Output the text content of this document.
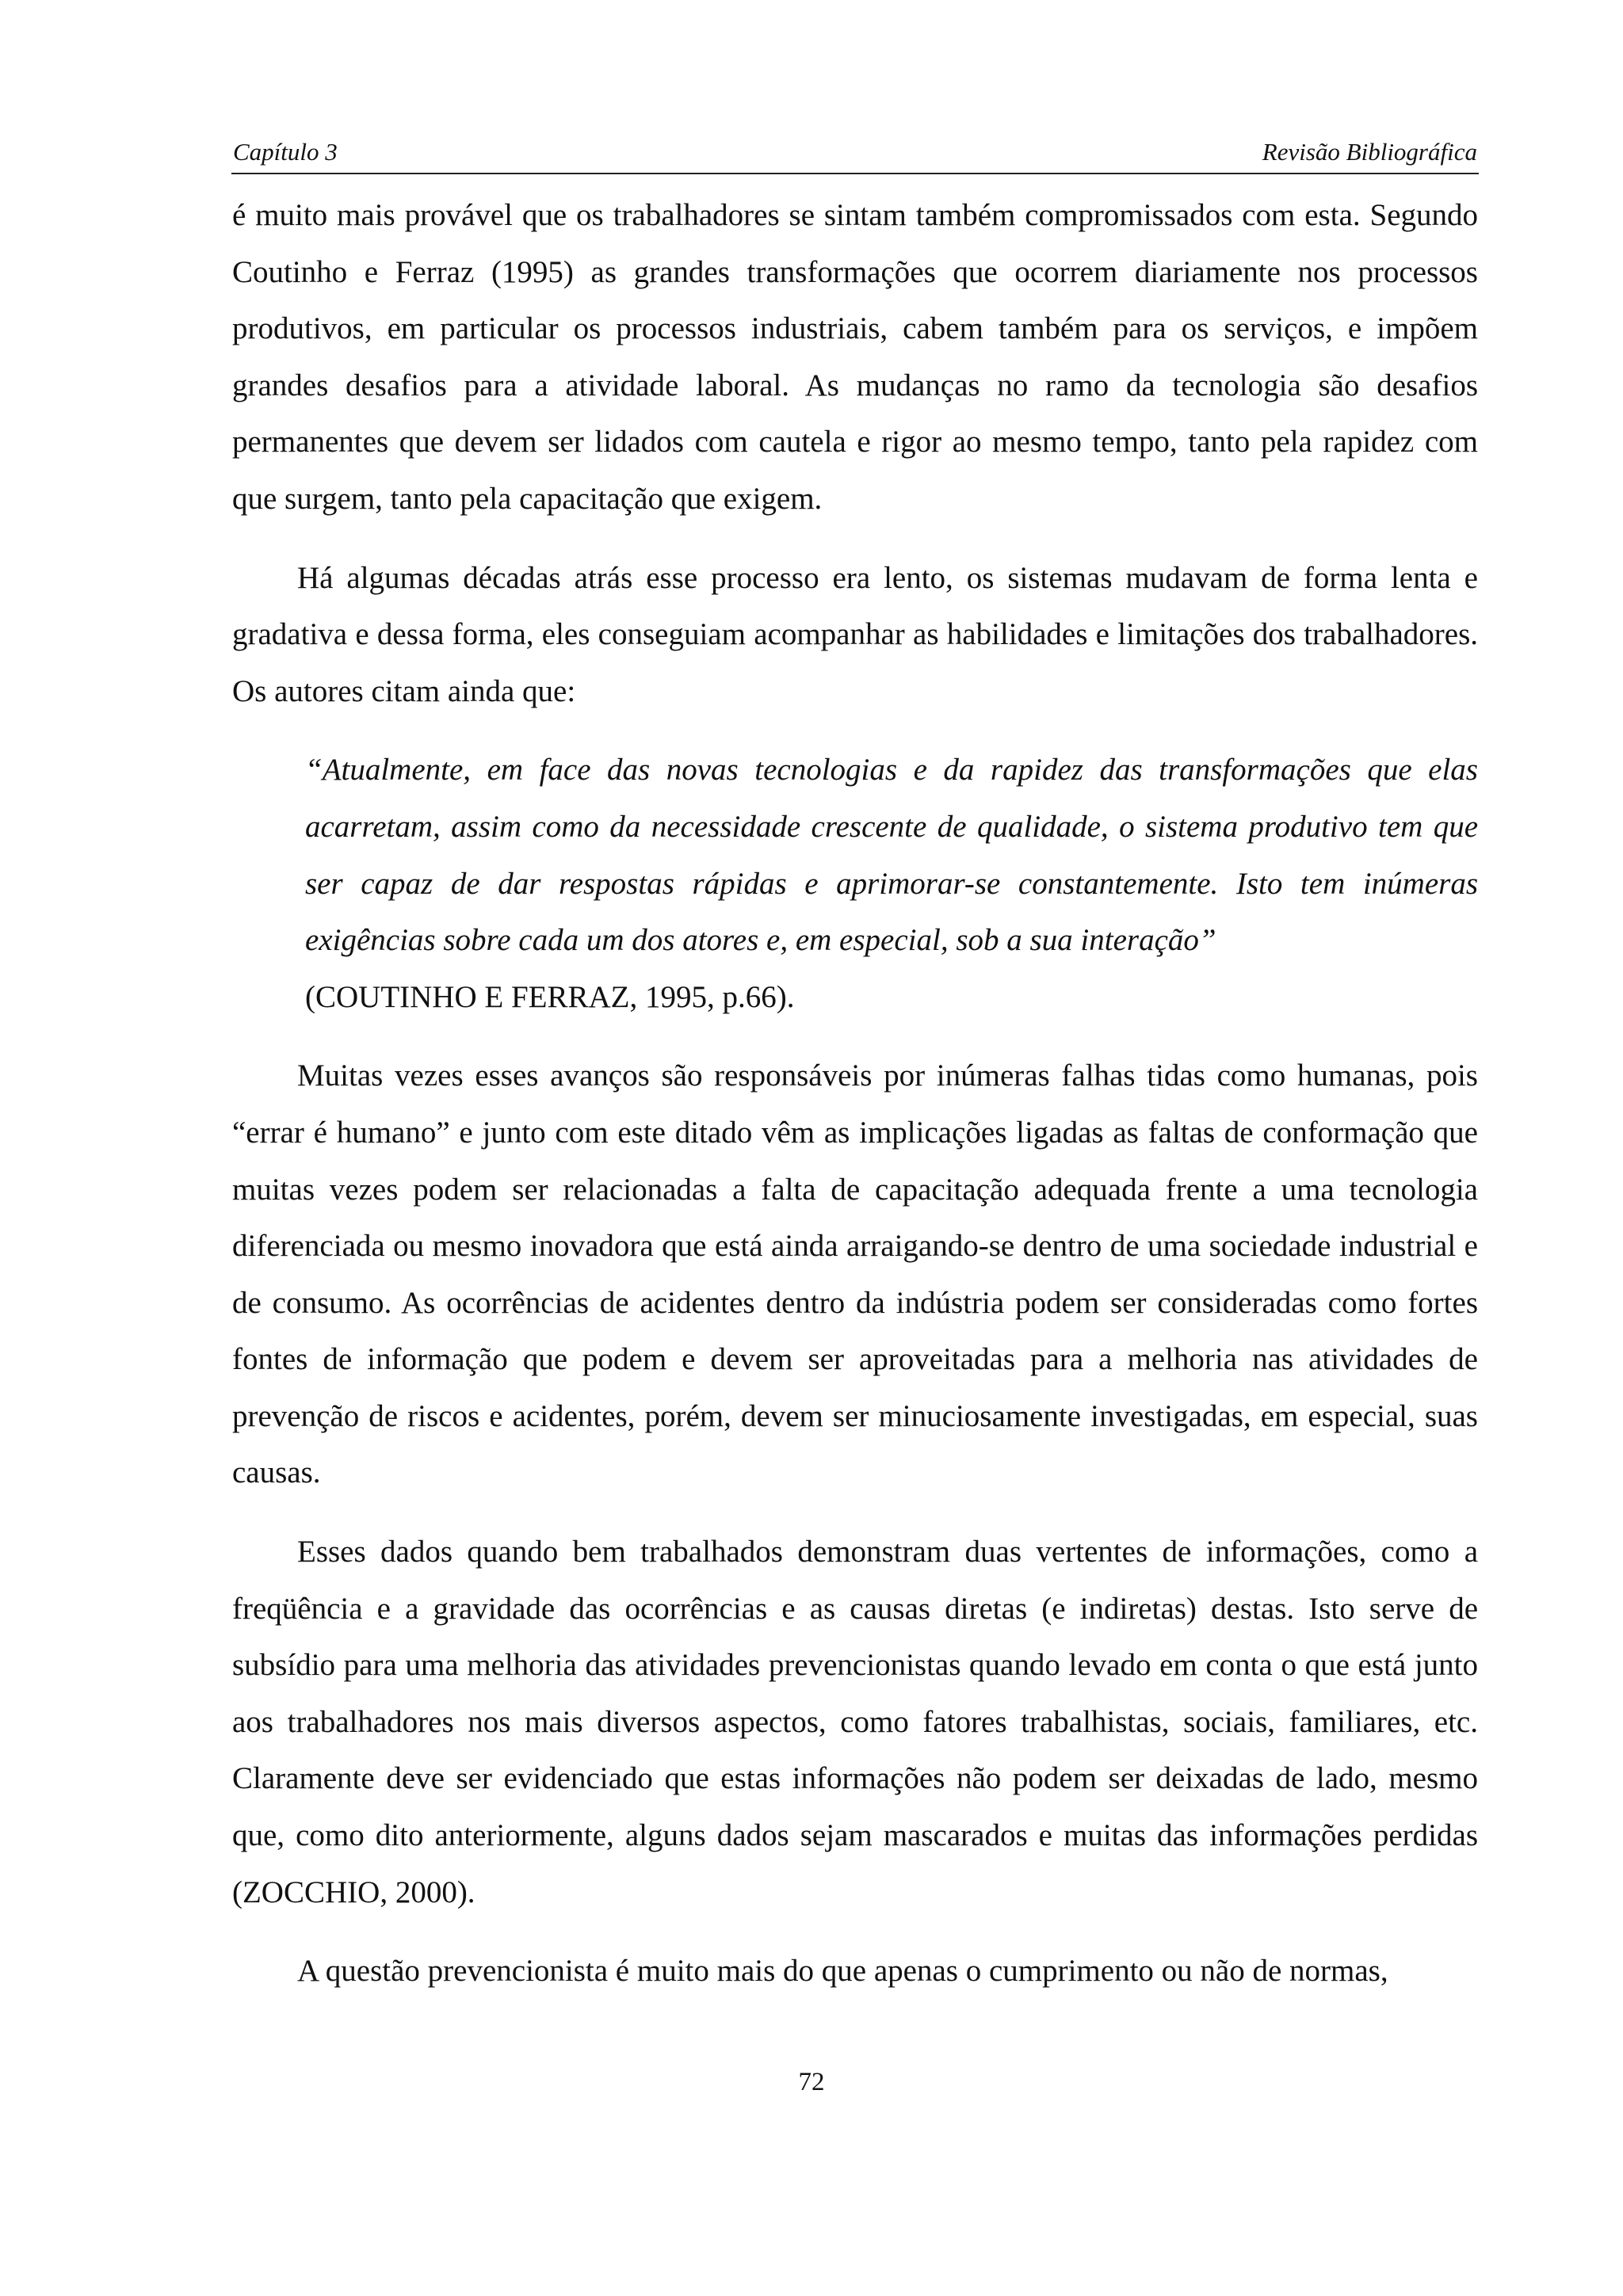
Capítulo 3	Revisão Bibliográfica

é muito mais provável que os trabalhadores se sintam também compromissados com esta. Segundo Coutinho e Ferraz (1995) as grandes transformações que ocorrem diariamente nos processos produtivos, em particular os processos industriais, cabem também para os serviços, e impõem grandes desafios para a atividade laboral. As mudanças no ramo da tecnologia são desafios permanentes que devem ser lidados com cautela e rigor ao mesmo tempo, tanto pela rapidez com que surgem, tanto pela capacitação que exigem.

Há algumas décadas atrás esse processo era lento, os sistemas mudavam de forma lenta e gradativa e dessa forma, eles conseguiam acompanhar as habilidades e limitações dos trabalhadores. Os autores citam ainda que:

“Atualmente, em face das novas tecnologias e da rapidez das transformações que elas acarretam, assim como da necessidade crescente de qualidade, o sistema produtivo tem que ser capaz de dar respostas rápidas e aprimorar-se constantemente. Isto tem inúmeras exigências sobre cada um dos atores e, em especial, sob a sua interação”
(COUTINHO E FERRAZ, 1995, p.66).

Muitas vezes esses avanços são responsáveis por inúmeras falhas tidas como humanas, pois “errar é humano” e junto com este ditado vêm as implicações ligadas as faltas de conformação que muitas vezes podem ser relacionadas a falta de capacitação adequada frente a uma tecnologia diferenciada ou mesmo inovadora que está ainda arraigando-se dentro de uma sociedade industrial e de consumo. As ocorrências de acidentes dentro da indústria podem ser consideradas como fortes fontes de informação que podem e devem ser aproveitadas para a melhoria nas atividades de prevenção de riscos e acidentes, porém, devem ser minuciosamente investigadas, em especial, suas causas.

Esses dados quando bem trabalhados demonstram duas vertentes de informações, como a freqüência e a gravidade das ocorrências e as causas diretas (e indiretas) destas. Isto serve de subsídio para uma melhoria das atividades prevencionistas quando levado em conta o que está junto aos trabalhadores nos mais diversos aspectos, como fatores trabalhistas, sociais, familiares, etc. Claramente deve ser evidenciado que estas informações não podem ser deixadas de lado, mesmo que, como dito anteriormente, alguns dados sejam mascarados e muitas das informações perdidas (ZOCCHIO, 2000).

A questão prevencionista é muito mais do que apenas o cumprimento ou não de normas,

72
